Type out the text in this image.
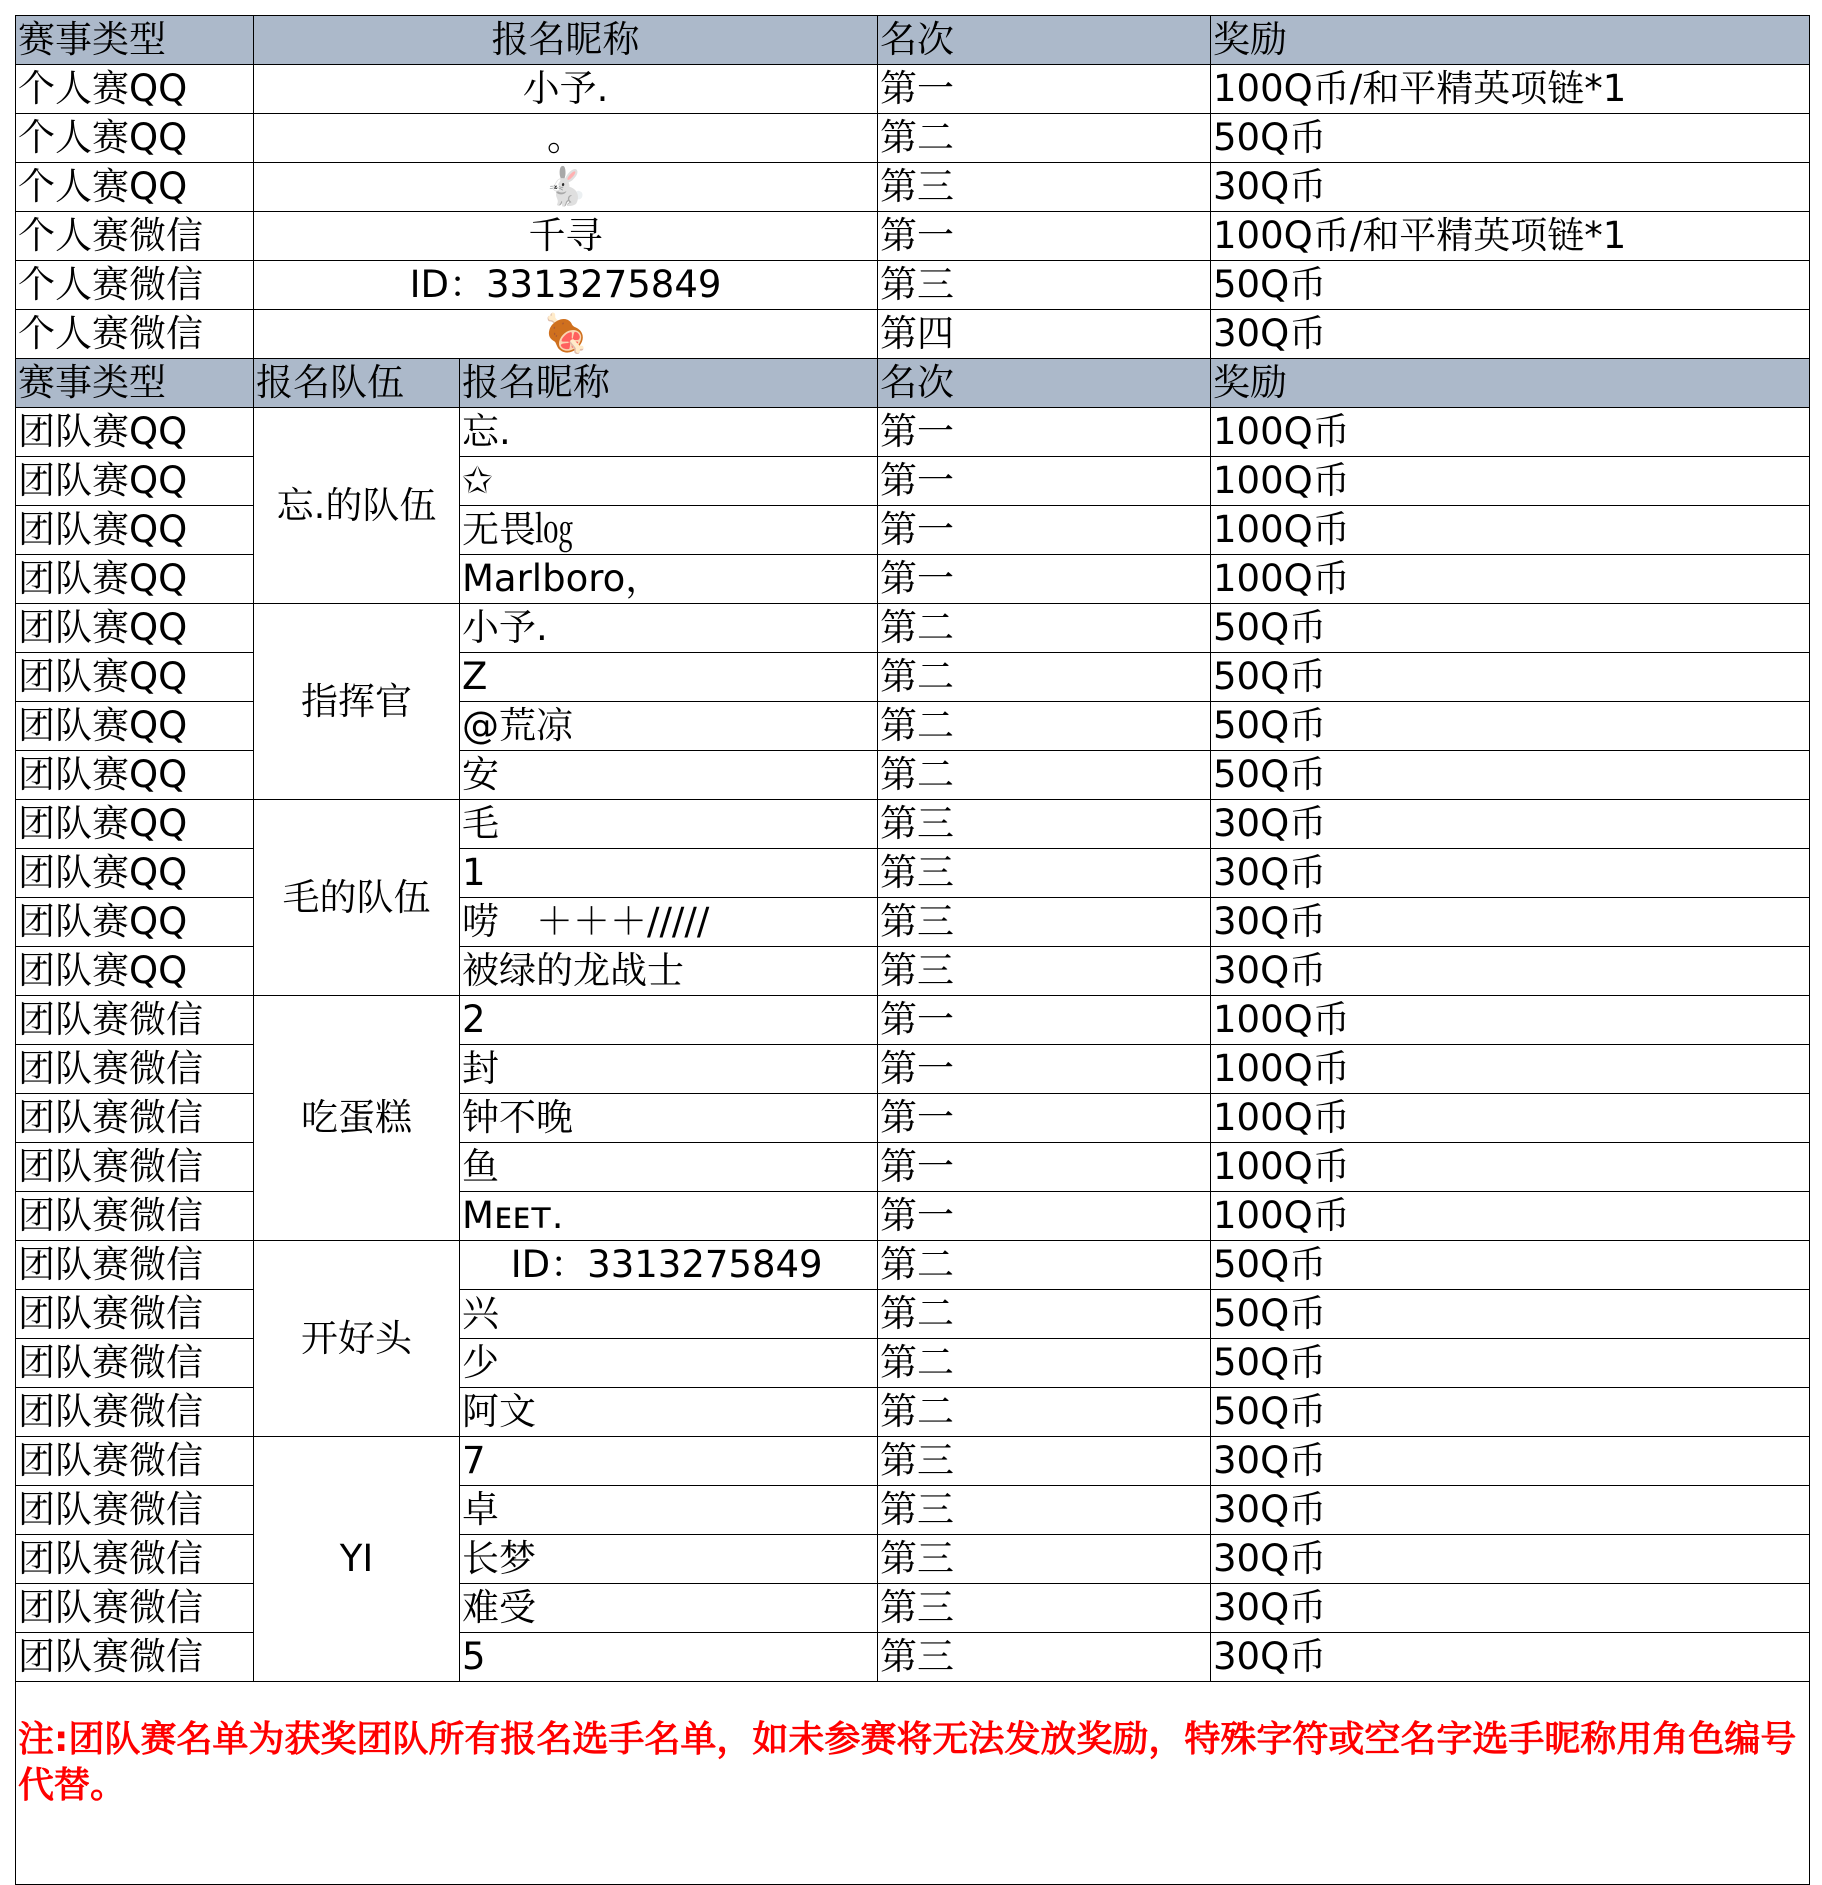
赛事类型	报名昵称		名次	奖励
个人赛QQ	小予.		第一	100Q币/和平精英项链*1
个人赛QQ	。		第二	50Q币
个人赛QQ	🐇		第三	30Q币
个人赛微信	千寻		第一	100Q币/和平精英项链*1
个人赛微信	ID：3313275849		第三	50Q币
个人赛微信	🍖		第四	30Q币
赛事类型	报名队伍	报名昵称	名次	奖励
团队赛QQ	忘.的队伍	忘.	第一	100Q币
团队赛QQ		✩	第一	100Q币
团队赛QQ		无畏㏒	第一	100Q币
团队赛QQ		Marlboro，	第一	100Q币
团队赛QQ	指挥官	小予.	第二	50Q币
团队赛QQ		Z	第二	50Q币
团队赛QQ		@荒凉	第二	50Q币
团队赛QQ		安	第二	50Q币
团队赛QQ	毛的队伍	毛	第三	30Q币
团队赛QQ		1	第三	30Q币
团队赛QQ		唠　＋＋＋/////	第三	30Q币
团队赛QQ		被绿的龙战士	第三	30Q币
团队赛微信	吃蛋糕	2	第一	100Q币
团队赛微信		封	第一	100Q币
团队赛微信		钟不晚	第一	100Q币
团队赛微信		鱼	第一	100Q币
团队赛微信		Mᴇᴇᴛ.	第一	100Q币
团队赛微信	开好头	　 ID：3313275849	第二	50Q币
团队赛微信		兴	第二	50Q币
团队赛微信		少	第二	50Q币
团队赛微信		阿文	第二	50Q币
团队赛微信	YI	7	第三	30Q币
团队赛微信		卓	第三	30Q币
团队赛微信		长梦	第三	30Q币
团队赛微信		难受	第三	30Q币
团队赛微信		5	第三	30Q币
注:团队赛名单为获奖团队所有报名选手名单，如未参赛将无法发放奖励，特殊字符或空名字选手昵称用角色编号代替。				
